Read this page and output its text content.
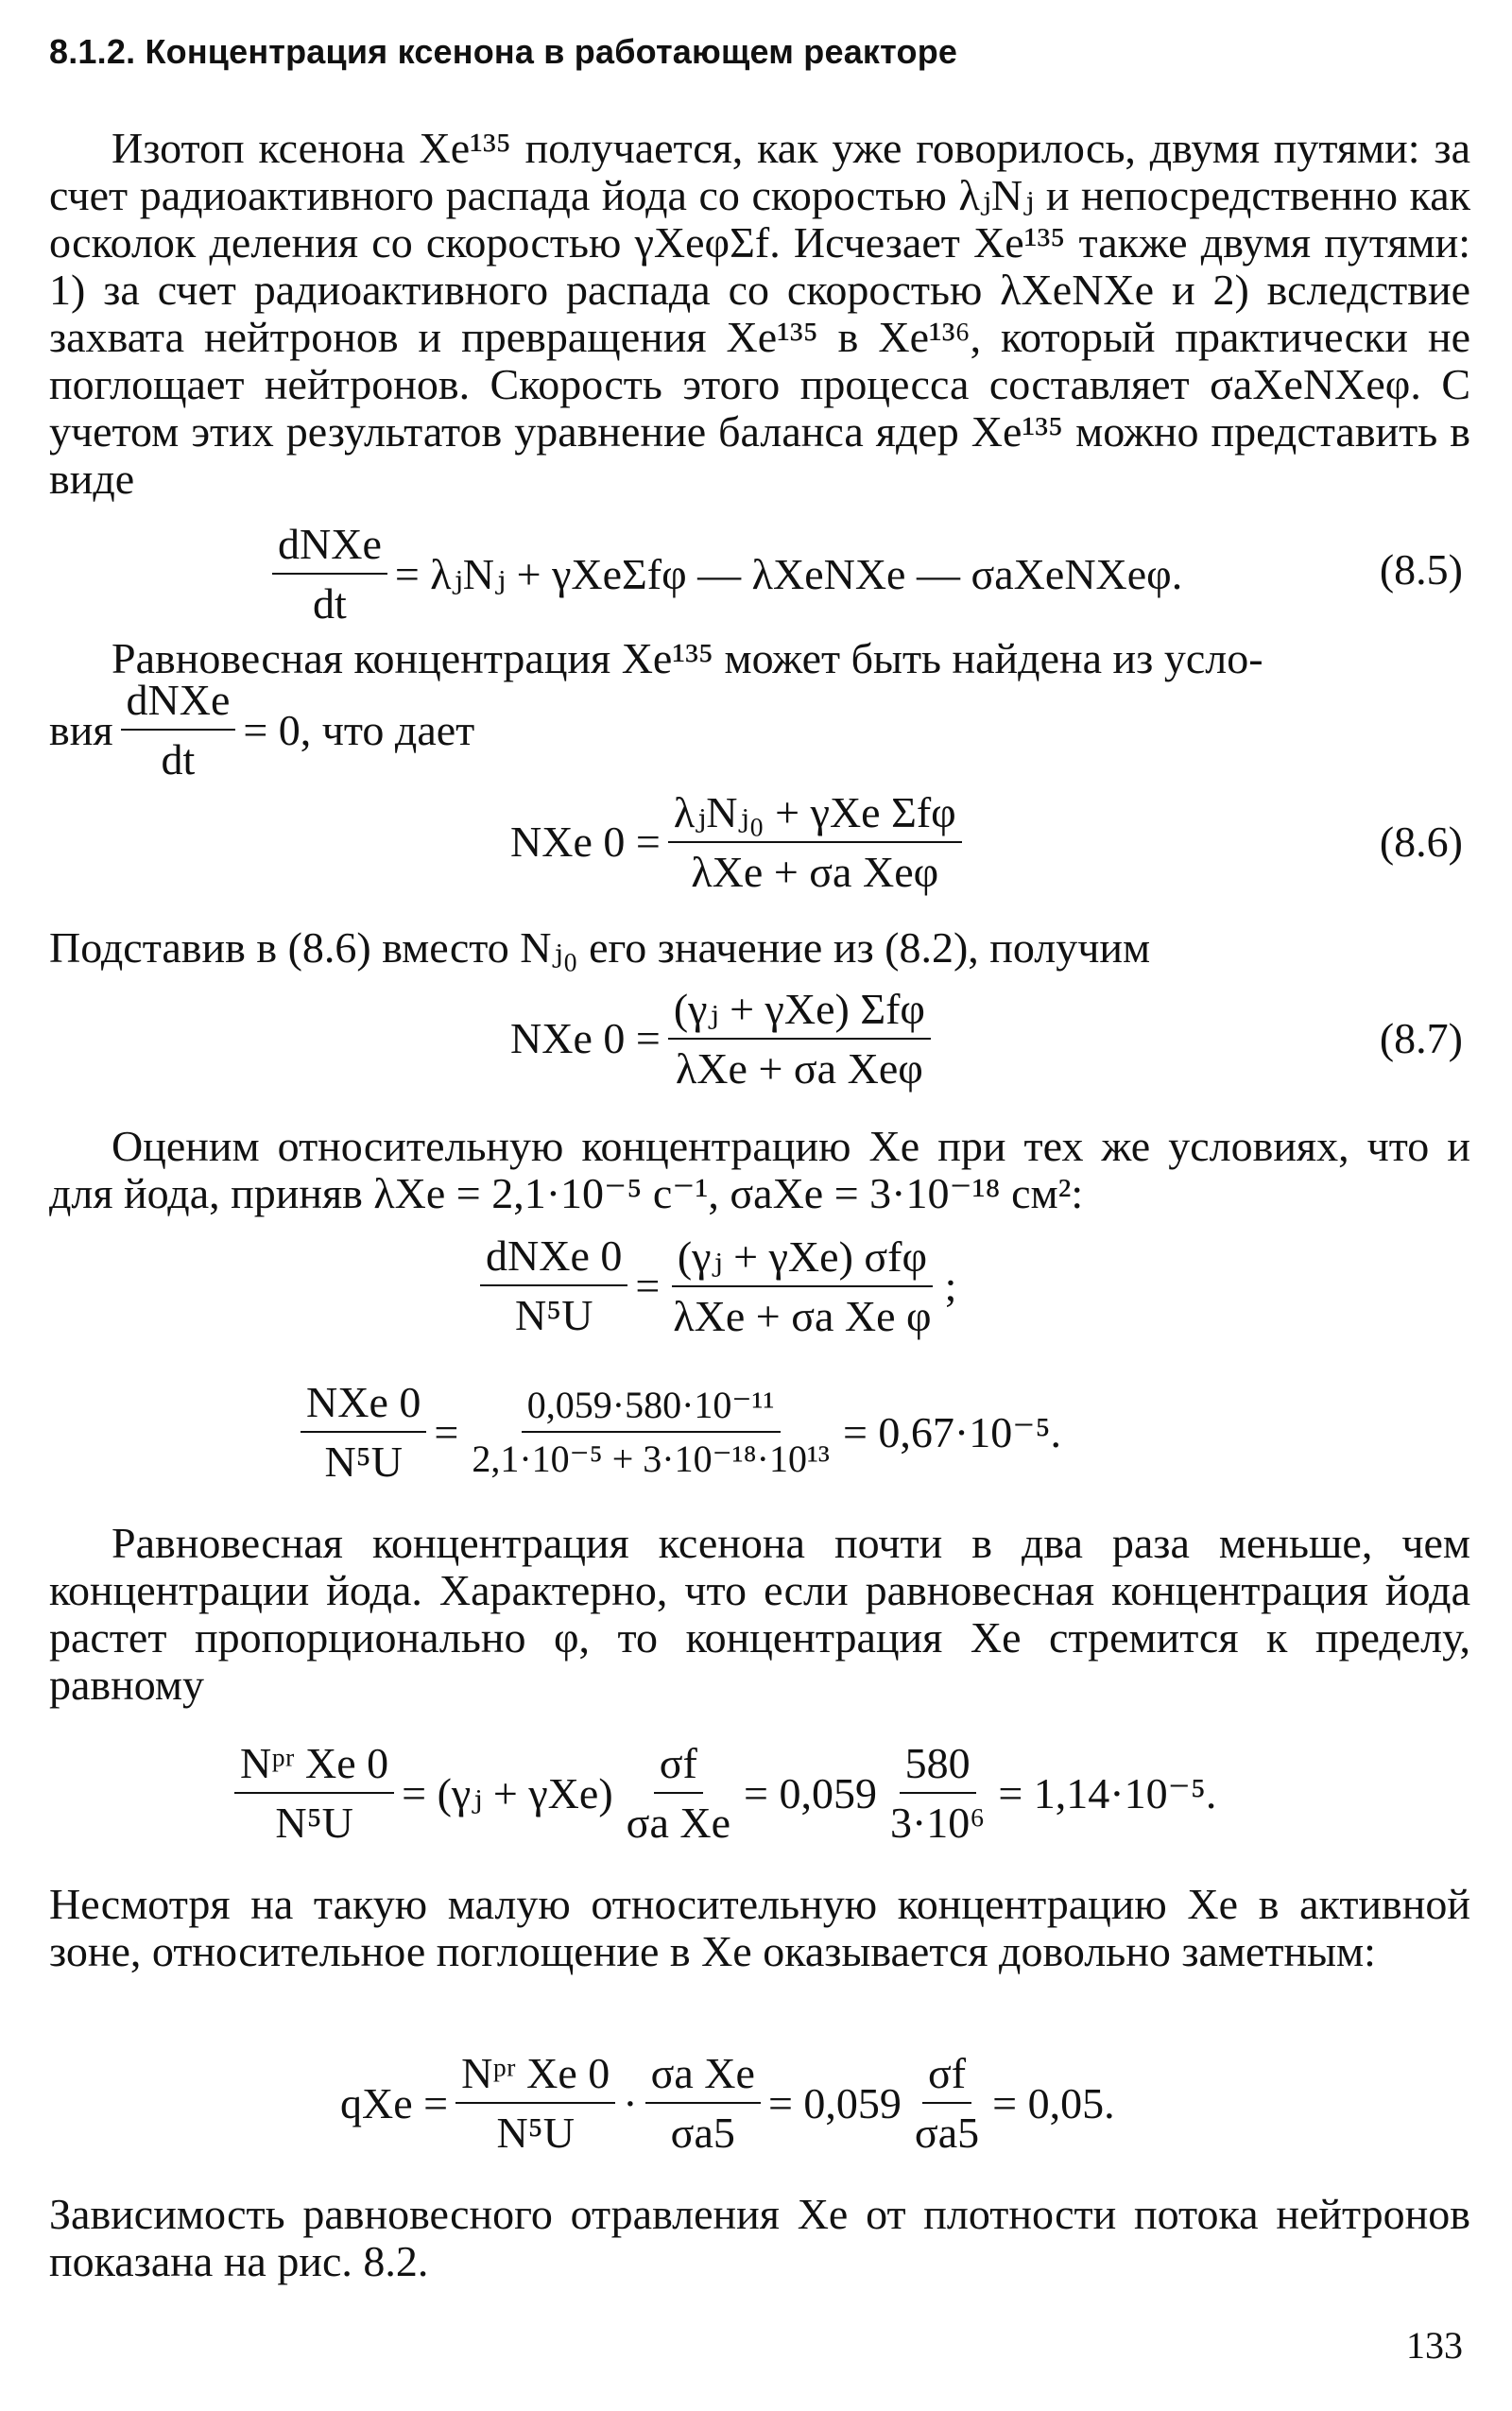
8.1.2. Концентрация ксенона в работающем реакторе
Изотоп ксенона Xe¹³⁵ получается, как уже говорилось, двумя путями: за счет радиоактивного распада йода со скоростью λⱼNⱼ и непосредственно как осколок деления со скоростью γXeφΣf. Исчезает Xe¹³⁵ также двумя путями: 1) за счет радиоактивного распада со скоростью λXeNXe и 2) вследствие захвата нейтронов и превращения Xe¹³⁵ в Xe¹³⁶, который практически не поглощает нейтронов. Скорость этого процесса составляет σaXeNXeφ. С учетом этих результатов уравнение баланса ядер Xe¹³⁵ можно представить в виде
$\frac{\text{dNXe}}{dt}$ = λⱼNⱼ + γXeΣfφ — λXeNXe — σaXeNXeφ.	(8.5)
Равновесная концентрация Xe¹³⁵ может быть найдена из усло-
вия $\frac{\text{dNXe}}{dt} = 0$, что дает
NXe $0 = \frac{\text{λⱼNⱼ₀ + γXe Σfφ}}{\text{λXe + σa Xeφ}}$	(8.6)
Подставив в (8.6) вместо Nⱼ₀ его значение из (8.2), получим
NXe $0 = \frac{\text{(γⱼ + γXe) Σfφ}}{\text{λXe + σa Xeφ}}$	(8.7)
Оценим относительную концентрацию Xe при тех же условиях, что и для йода, приняв λXe = 2,1·10⁻⁵ с⁻¹, σaXe = 3·10⁻¹⁸ см²:
$\frac{\text{dNXe 0}}{\text{N⁵U}} = \frac{\text{(γⱼ + γXe) σfφ}}{\text{λXe + σa Xe φ}}$ ;
$\frac{\text{NXe 0}}{\text{N⁵U}} = \frac{\text{0,059·580·10⁻¹¹}}{\text{2,1·10⁻⁵ + 3·10⁻¹⁸·10¹³}} = 0,67\cdot 10^{-5}$.
Равновесная концентрация ксенона почти в два раза меньше, чем концентрации йода. Характерно, что если равновесная концентрация йода растет пропорционально φ, то концентрация Xe стремится к пределу, равному
$\frac{\text{Nᵖʳ Xe 0}}{\text{N⁵U}}$ = (γⱼ + $\gamma Xe) \frac{\sigma f}{\text{σa Xe}} = 0,059 \frac{580}{\text{3·10⁶}} = 1,14\cdot 10^{-5}$.
Несмотря на такую малую относительную концентрацию Xe в активной зоне, относительное поглощение в Xe оказывается довольно заметным:
qXe = $\frac{\text{Nᵖʳ Xe 0}}{\text{N⁵U}} \cdot \frac{\text{σa Xe}}{\sigma a5} = 0,059 \frac{\sigma f}{\sigma a5} = 0,05$.
Зависимость равновесного отравления Xe от плотности потока нейтронов показана на рис. 8.2.
133
